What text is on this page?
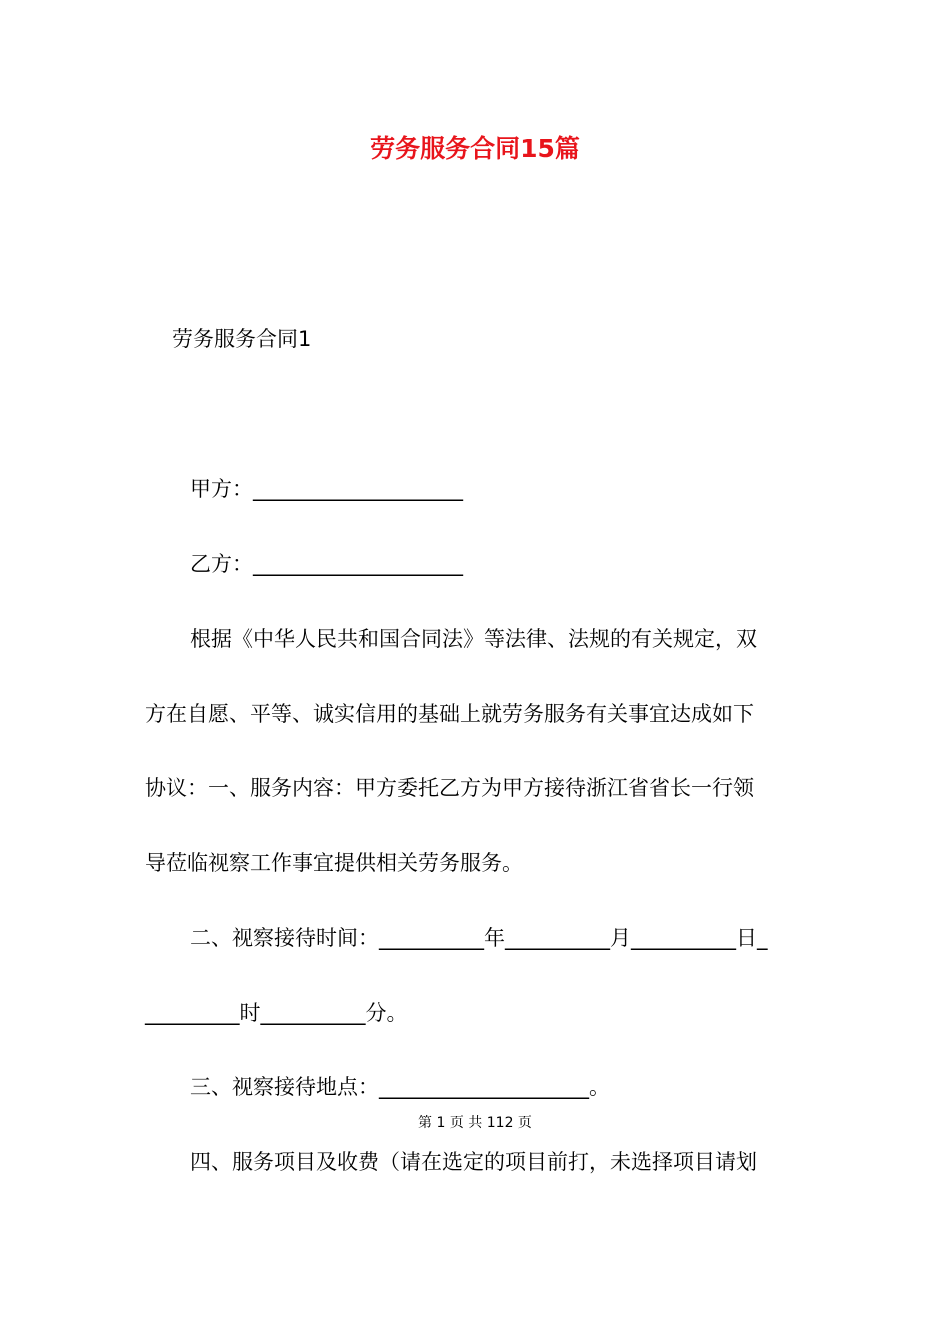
劳务服务合同15篇
劳务服务合同1
甲方：____________________
乙方：____________________
根据《中华人民共和国合同法》等法律、法规的有关规定，双
方在自愿、平等、诚实信用的基础上就劳务服务有关事宜达成如下
协议：一、服务内容：甲方委托乙方为甲方接待浙江省省长一行领
导莅临视察工作事宜提供相关劳务服务。
二、视察接待时间：__________年__________月__________日_
_________时__________分。
三、视察接待地点：____________________。
第 1 页 共 112 页
四、服务项目及收费（请在选定的项目前打，未选择项目请划
